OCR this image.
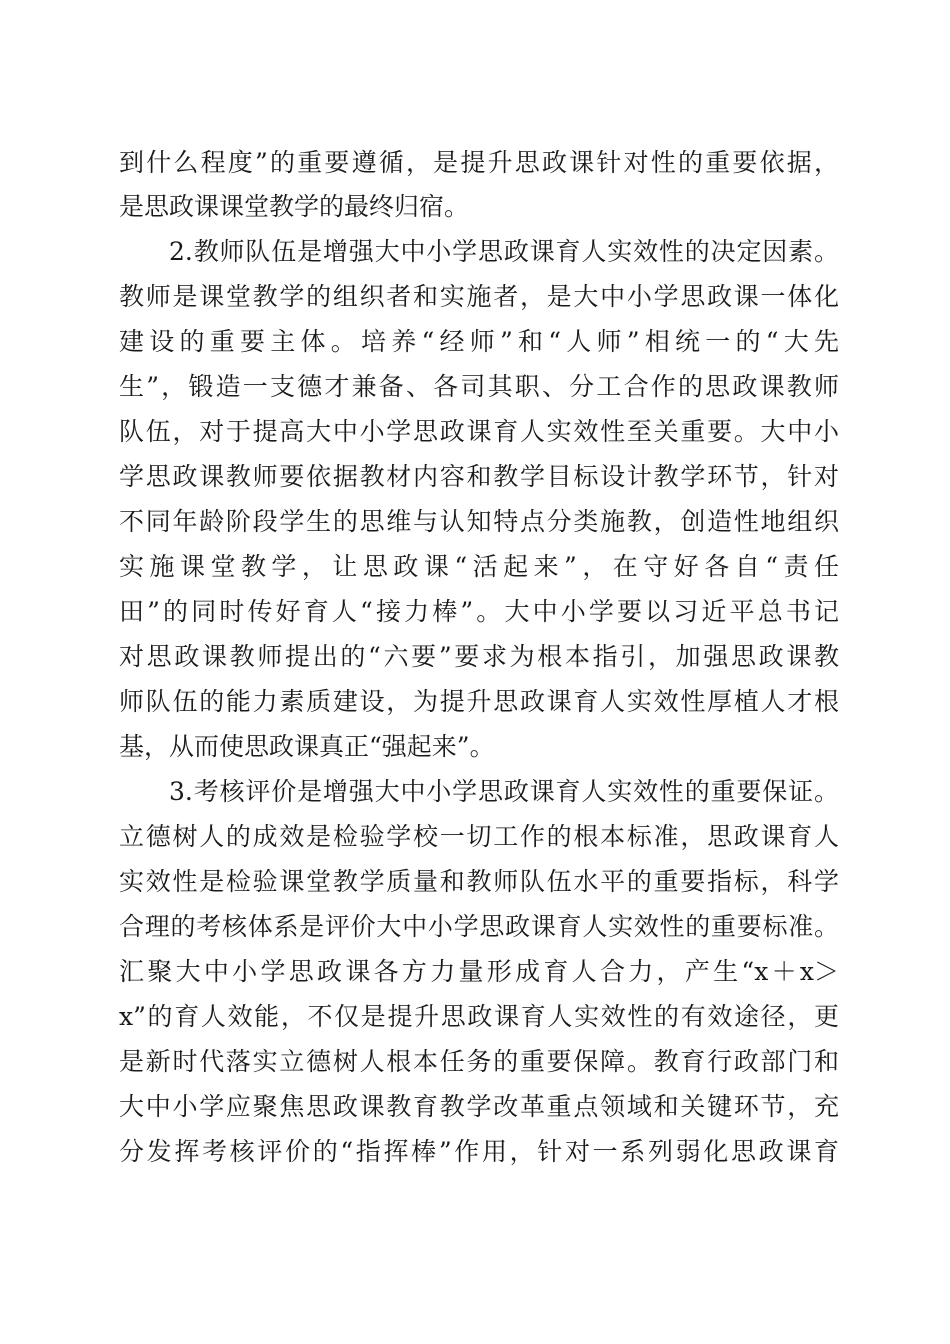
到什么程度”的重要遵循，是提升思政课针对性的重要依据，
是思政课课堂教学的最终归宿。
2.教师队伍是增强大中小学思政课育人实效性的决定因素。
教师是课堂教学的组织者和实施者，是大中小学思政课一体化
建设的重要主体。培养“经师”和“人师”相统一的“大先
生”，锻造一支德才兼备、各司其职、分工合作的思政课教师
队伍，对于提高大中小学思政课育人实效性至关重要。大中小
学思政课教师要依据教材内容和教学目标设计教学环节，针对
不同年龄阶段学生的思维与认知特点分类施教，创造性地组织
实施课堂教学，让思政课“活起来”，在守好各自“责任
田”的同时传好育人“接力棒”。大中小学要以习近平总书记
对思政课教师提出的“六要”要求为根本指引，加强思政课教
师队伍的能力素质建设，为提升思政课育人实效性厚植人才根
基，从而使思政课真正“强起来”。
3.考核评价是增强大中小学思政课育人实效性的重要保证。
立德树人的成效是检验学校一切工作的根本标准，思政课育人
实效性是检验课堂教学质量和教师队伍水平的重要指标，科学
合理的考核体系是评价大中小学思政课育人实效性的重要标准。
汇聚大中小学思政课各方力量形成育人合力，产生“x＋x＞
x”的育人效能，不仅是提升思政课育人实效性的有效途径，更
是新时代落实立德树人根本任务的重要保障。教育行政部门和
大中小学应聚焦思政课教育教学改革重点领域和关键环节，充
分发挥考核评价的“指挥棒”作用，针对一系列弱化思政课育
